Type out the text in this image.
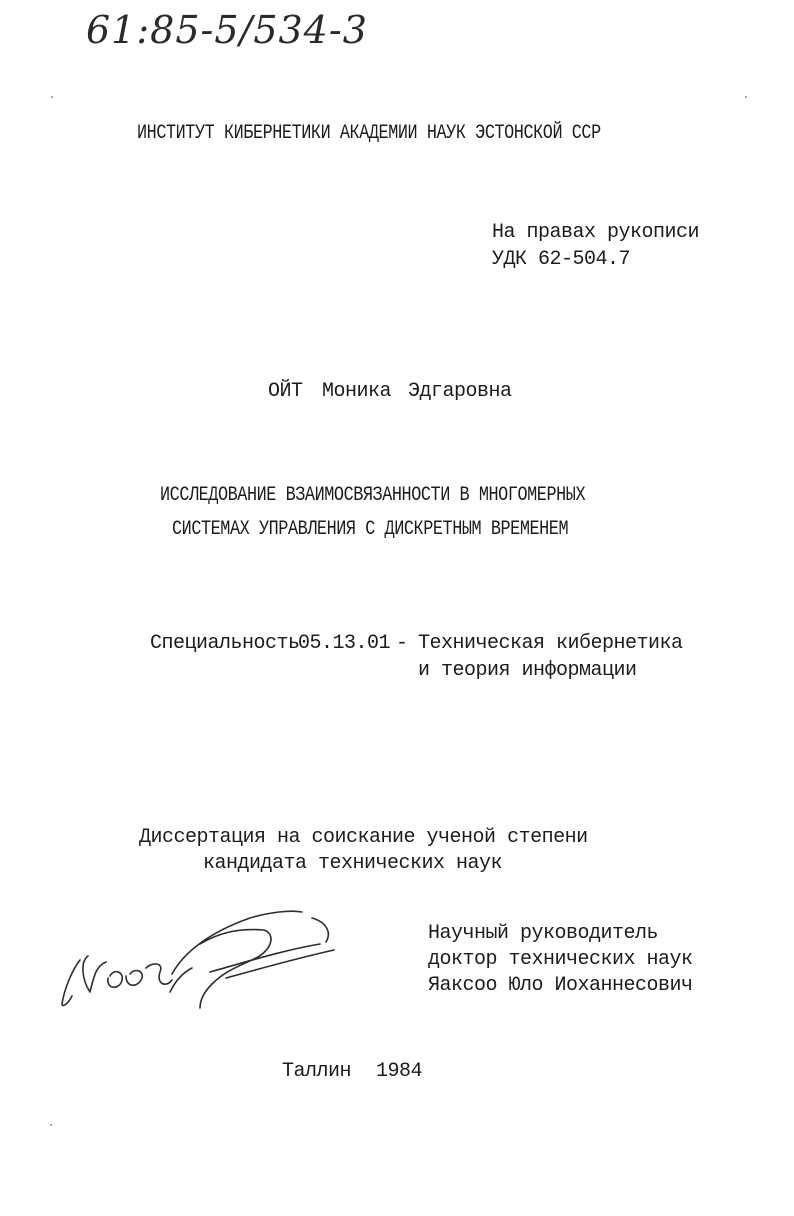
61:85-5/534-3
ИНСТИТУТ КИБЕРНЕТИКИ АКАДЕМИИ НАУК ЭСТОНСКОЙ ССР
На правах рукописи
УДК 62-504.7
ОЙТ Моника Эдгаровна
ИССЛЕДОВАНИЕ ВЗАИМОСВЯЗАННОСТИ В МНОГОМЕРНЫХ
СИСТЕМАХ УПРАВЛЕНИЯ С ДИСКРЕТНЫМ ВРЕМЕНЕМ
Специальность
05.13.01 - Техническая кибернетика
и теория информации
Диссертация на соискание ученой степени
кандидата технических наук
Научный руководитель
доктор технических наук
Яаксоо Юло Иоханнесович
Таллин 1984
